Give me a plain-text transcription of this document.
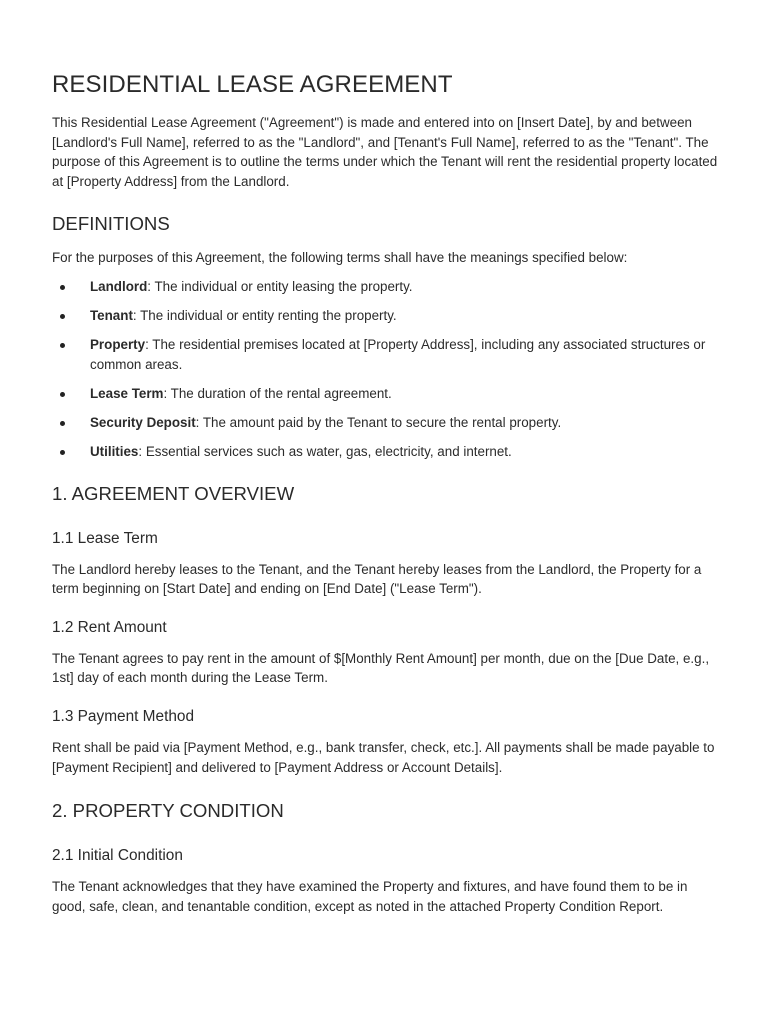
RESIDENTIAL LEASE AGREEMENT

This Residential Lease Agreement ("Agreement") is made and entered into on [Insert Date], by and between [Landlord's Full Name], referred to as the "Landlord", and [Tenant's Full Name], referred to as the "Tenant". The purpose of this Agreement is to outline the terms under which the Tenant will rent the residential property located at [Property Address] from the Landlord.

DEFINITIONS

For the purposes of this Agreement, the following terms shall have the meanings specified below:

Landlord: The individual or entity leasing the property.
Tenant: The individual or entity renting the property.
Property: The residential premises located at [Property Address], including any associated structures or common areas.
Lease Term: The duration of the rental agreement.
Security Deposit: The amount paid by the Tenant to secure the rental property.
Utilities: Essential services such as water, gas, electricity, and internet.
1. AGREEMENT OVERVIEW
1.1 Lease Term

The Landlord hereby leases to the Tenant, and the Tenant hereby leases from the Landlord, the Property for a term beginning on [Start Date] and ending on [End Date] ("Lease Term").

1.2 Rent Amount

The Tenant agrees to pay rent in the amount of $[Monthly Rent Amount] per month, due on the [Due Date, e.g., 1st] day of each month during the Lease Term.

1.3 Payment Method

Rent shall be paid via [Payment Method, e.g., bank transfer, check, etc.]. All payments shall be made payable to [Payment Recipient] and delivered to [Payment Address or Account Details].

2. PROPERTY CONDITION
2.1 Initial Condition

The Tenant acknowledges that they have examined the Property and fixtures, and have found them to be in good, safe, clean, and tenantable condition, except as noted in the attached Property Condition Report.
